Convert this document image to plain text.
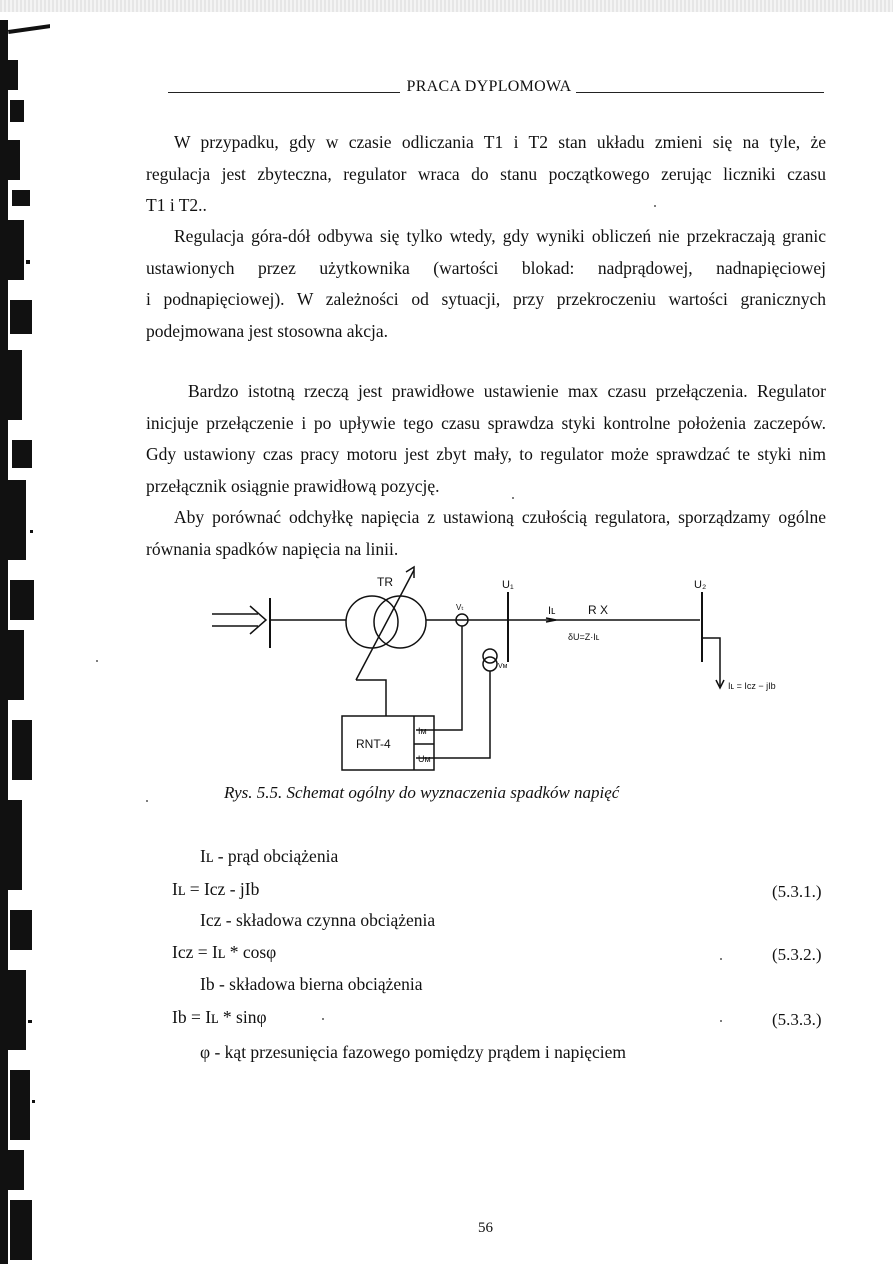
PRACA DYPLOMOWA
W przypadku, gdy w czasie odliczania T1 i T2 stan układu zmieni się na tyle, że
regulacja jest zbyteczna, regulator wraca do stanu początkowego zerując liczniki czasu
T1 i T2..
Regulacja góra-dół odbywa się tylko wtedy, gdy wyniki obliczeń nie przekraczają granic
ustawionych przez użytkownika (wartości blokad: nadprądowej, nadnapięciowej
i podnapięciowej). W zależności od sytuacji, przy przekroczeniu wartości granicznych
podejmowana jest stosowna akcja.
Bardzo istotną rzeczą jest prawidłowe ustawienie max czasu przełączenia. Regulator
inicjuje przełączenie i po upływie tego czasu sprawdza styki kontrolne położenia zaczepów.
Gdy ustawiony czas pracy motoru jest zbyt mały, to regulator może sprawdzać te styki nim
przełącznik osiągnie prawidłową pozycję.
Aby porównać odchyłkę napięcia z ustawioną czułością regulatora, sporządzamy ogólne
równania spadków napięcia na linii.
TR
Vₜ
U₁
Iʟ	R X
δU=Z·Iʟ
U₂
Iʟ = Icz − jIb
Vᴍ
RNT-4
Iᴍ
Uᴍ
Rys. 5.5. Schemat ogólny do wyznaczenia spadków napięć
Iʟ - prąd obciążenia
Iʟ = Icz - jIb	(5.3.1.)
Icz - składowa czynna obciążenia
Icz = Iʟ * cosφ	(5.3.2.)
Ib - składowa bierna obciążenia
Ib = Iʟ * sinφ	(5.3.3.)
φ - kąt przesunięcia fazowego pomiędzy prądem i napięciem
56
